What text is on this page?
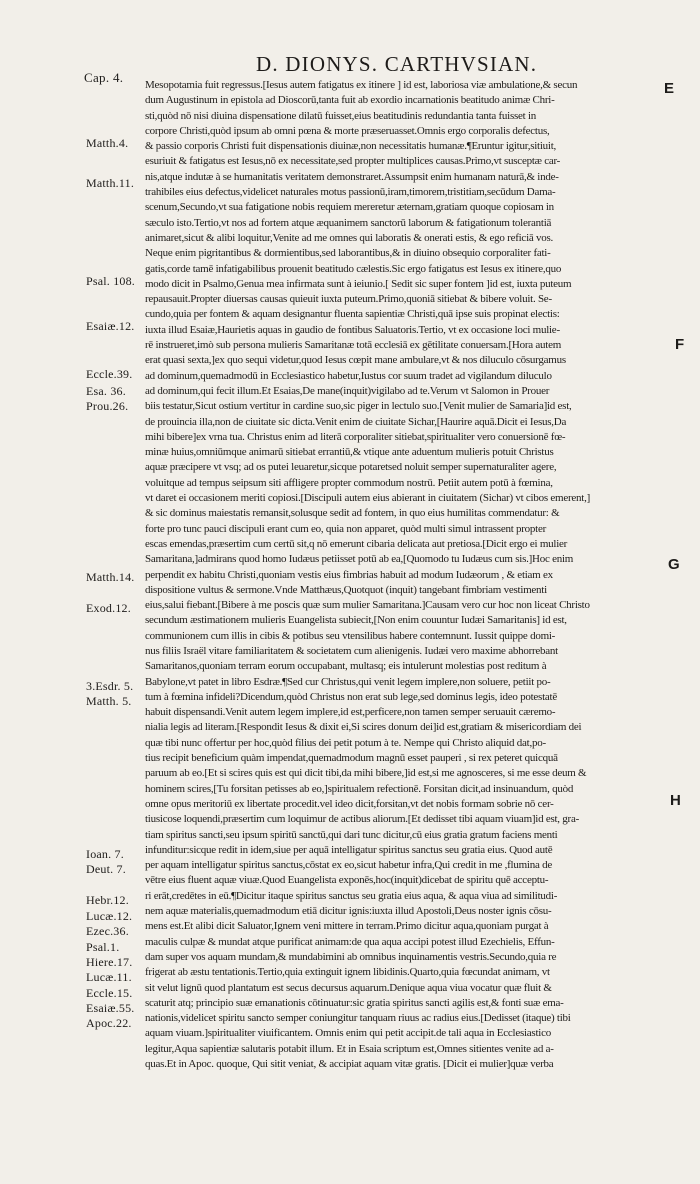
Cap. 4.
D. DIONYS. CARTHVSIAN.
E
F
G
H
Matth.4.
Matth.11.
Psal. 108.
Esaiæ.12.
Eccle.39.
Esa. 36.
Prou.26.
Matth.14.
Exod.12.
3.Esdr. 5.
Matth. 5.
Ioan. 7.
Deut. 7.
Hebr.12.
Lucæ.12.
Ezec.36.
Psal.1.
Hiere.17.
Lucæ.11.
Eccle.15.
Esaiæ.55.
Apoc.22.
Mesopotamia fuit regressus.[Iesus autem fatigatus ex itinere ] id est, laboriosa viæ ambulatione,& secun
dum Augustinum in epistola ad Dioscorū,tanta fuit ab exordio incarnationis beatitudo animæ Chri-
sti,quòd nō nisi diuina dispensatione dilatū fuisset,eius beatitudinis redundantia tanta fuisset in
corpore Christi,quòd ipsum ab omni pœna & morte præseruasset.Omnis ergo corporalis defectus,
& passio corporis Christi fuit dispensationis diuinæ,non necessitatis humanæ.¶Eruntur igitur,sitiuit,
esuriuit & fatigatus est Iesus,nō ex necessitate,sed propter multiplices causas.Primo,vt susceptæ car-
nis,atque indutæ à se humanitatis veritatem demonstraret.Assumpsit enim humanam naturā,& inde-
trahibiles eius defectus,videlicet naturales motus passionū,iram,timorem,tristitiam,secūdum Dama-
scenum,Secundo,vt sua fatigatione nobis requiem mereretur æternam,gratiam quoque copiosam in
sæculo isto.Tertio,vt nos ad fortem atque æquanimem sanctorū laborum & fatigationum tolerantiā
animaret,sicut & alibi loquitur,Venite ad me omnes qui laboratis & onerati estis, & ego reficiā vos.
Neque enim pigritantibus & dormientibus,sed laborantibus,& in diuino obsequio corporaliter fati-
gatis,corde tamē infatigabilibus prouenit beatitudo cælestis.Sic ergo fatigatus est Iesus ex itinere,quo
modo dicit in Psalmo,Genua mea infirmata sunt à ieiunio.[ Sedit sic super fontem ]id est, iuxta puteum
repausauit.Propter diuersas causas quieuit iuxta puteum.Primo,quoniā sitiebat & bibere voluit. Se-
cundo,quia per fontem & aquam designantur fluenta sapientiæ Christi,quā ipse suis propinat electis:
iuxta illud Esaiæ,Haurietis aquas in gaudio de fontibus Saluatoris.Tertio, vt ex occasione loci mulie-
rē instrueret,imò sub persona mulieris Samaritanæ totā ecclesiā ex gētilitate conuersam.[Hora autem
erat quasi sexta,]ex quo sequi videtur,quod Iesus cœpit mane ambulare,vt & nos diluculo cōsurgamus
ad dominum,quemadmodū in Ecclesiastico habetur,Iustus cor suum tradet ad vigilandum diluculo
ad dominum,qui fecit illum.Et Esaias,De mane(inquit)vigilabo ad te.Verum vt Salomon in Prouer
biis testatur,Sicut ostium vertitur in cardine suo,sic piger in lectulo suo.[Venit mulier de Samaria]id est,
de prouincia illa,non de ciuitate sic dicta.Venit enim de ciuitate Sichar,[Haurire aquā.Dicit ei Iesus,Da
mihi bibere]ex vrna tua. Christus enim ad literā corporaliter sitiebat,spiritualiter vero conuersionē fœ-
minæ huius,omniūmque animarū sitiebat errantiū,& vtique ante aduentum mulieris potuit Christus
aquæ præcipere vt vsq; ad os putei leuaretur,sicque potaretsed noluit semper supernaturaliter agere,
voluitque ad tempus seipsum siti affligere propter commodum nostrū. Petiit autem potū à fœmina,
vt daret ei occasionem meriti copiosi.[Discipuli autem eius abierant in ciuitatem (Sichar) vt cibos emerent,]
& sic dominus maiestatis remansit,solusque sedit ad fontem, in quo eius humilitas commendatur: &
forte pro tunc pauci discipuli erant cum eo, quia non apparet, quòd multi simul intrassent propter
escas emendas,præsertim cum certū sit,q nō emerunt cibaria delicata aut pretiosa.[Dicit ergo ei mulier
Samaritana,]admirans quod homo Iudæus petiisset potū ab ea,[Quomodo tu Iudæus cum sis.]Hoc enim
perpendit ex habitu Christi,quoniam vestis eius fimbrias habuit ad modum Iudæorum , & etiam ex
dispositione vultus & sermone.Vnde Matthæus,Quotquot (inquit) tangebant fimbriam vestimenti
eius,salui fiebant.[Bibere à me poscis quæ sum mulier Samaritana.]Causam vero cur hoc non liceat Christo
secundum æstimationem mulieris Euangelista subiecit,[Non enim couuntur Iudæi Samaritanis] id est,
communionem cum illis in cibis & potibus seu vtensilibus habere contemnunt. Iussit quippe domi-
nus filiis Israël vitare familiaritatem & societatem cum alienigenis. Iudæi vero maxime abhorrebant
Samaritanos,quoniam terram eorum occupabant, multasq; eis intulerunt molestias post reditum à
Babylone,vt patet in libro Esdræ.¶Sed cur Christus,qui venit legem implere,non soluere, petiit po-
tum à fœmina infideli?Dicendum,quòd Christus non erat sub lege,sed dominus legis, ideo potestatē
habuit dispensandi.Venit autem legem implere,id est,perficere,non tamen semper seruauit cæremo-
nialia legis ad literam.[Respondit Iesus & dixit ei,Si scires donum dei]id est,gratiam & misericordiam dei
quæ tibi nunc offertur per hoc,quòd filius dei petit potum à te. Nempe qui Christo aliquid dat,po-
tius recipit beneficium quàm impendat,quemadmodum magnū esset pauperi , si rex peteret quicquā
paruum ab eo.[Et si scires quis est qui dicit tibi,da mihi bibere,]id est,si me agnosceres, si me esse deum &
hominem scires,[Tu forsitan petisses ab eo,]spiritualem refectionē. Forsitan dicit,ad insinuandum, quòd
omne opus meritoriū ex libertate procedit.vel ideo dicit,forsitan,vt det nobis formam sobrie nō cer-
tiusicose loquendi,præsertim cum loquimur de actibus aliorum.[Et dedisset tibi aquam viuam]id est, gra-
tiam spiritus sancti,seu ipsum spiritū sanctū,qui dari tunc dicitur,cū eius gratia gratum faciens menti
infunditur:sicque redit in idem,siue per aquā intelligatur spiritus sanctus seu gratia eius. Quod autē
per aquam intelligatur spiritus sanctus,cōstat ex eo,sicut habetur infra,Qui credit in me ,flumina de
vētre eius fluent aquæ viuæ.Quod Euangelista exponēs,hoc(inquit)dicebat de spiritu quē acceptu-
ri erāt,credētes in eū.¶Dicitur itaque spiritus sanctus seu gratia eius aqua, & aqua viua ad similitudi-
nem aquæ materialis,quemadmodum etiā dicitur ignis:iuxta illud Apostoli,Deus noster ignis cōsu-
mens est.Et alibi dicit Saluator,Ignem veni mittere in terram.Primo dicitur aqua,quoniam purgat à
maculis culpæ & mundat atque purificat animam:de qua aqua accipi potest illud Ezechielis, Effun-
dam super vos aquam mundam,& mundabimini ab omnibus inquinamentis vestris.Secundo,quia re
frigerat ab æstu tentationis.Tertio,quia extinguit ignem libidinis.Quarto,quia fœcundat animam, vt
sit velut lignū quod plantatum est secus decursus aquarum.Denique aqua viua vocatur quæ fluit &
scaturit atq; principio suæ emanationis cōtinuatur:sic gratia spiritus sancti agilis est,& fonti suæ ema-
nationis,videlicet spiritu sancto semper coniungitur tanquam riuus ac radius eius.[Dedisset (itaque) tibi
aquam viuam.]spiritualiter viuificantem. Omnis enim qui petit accipit.de tali aqua in Ecclesiastico
legitur,Aqua sapientiæ salutaris potabit illum. Et in Esaia scriptum est,Omnes sitientes venite ad a-
quas.Et in Apoc. quoque, Qui sitit veniat, & accipiat aquam vitæ gratis. [Dicit ei mulier]quæ verba
